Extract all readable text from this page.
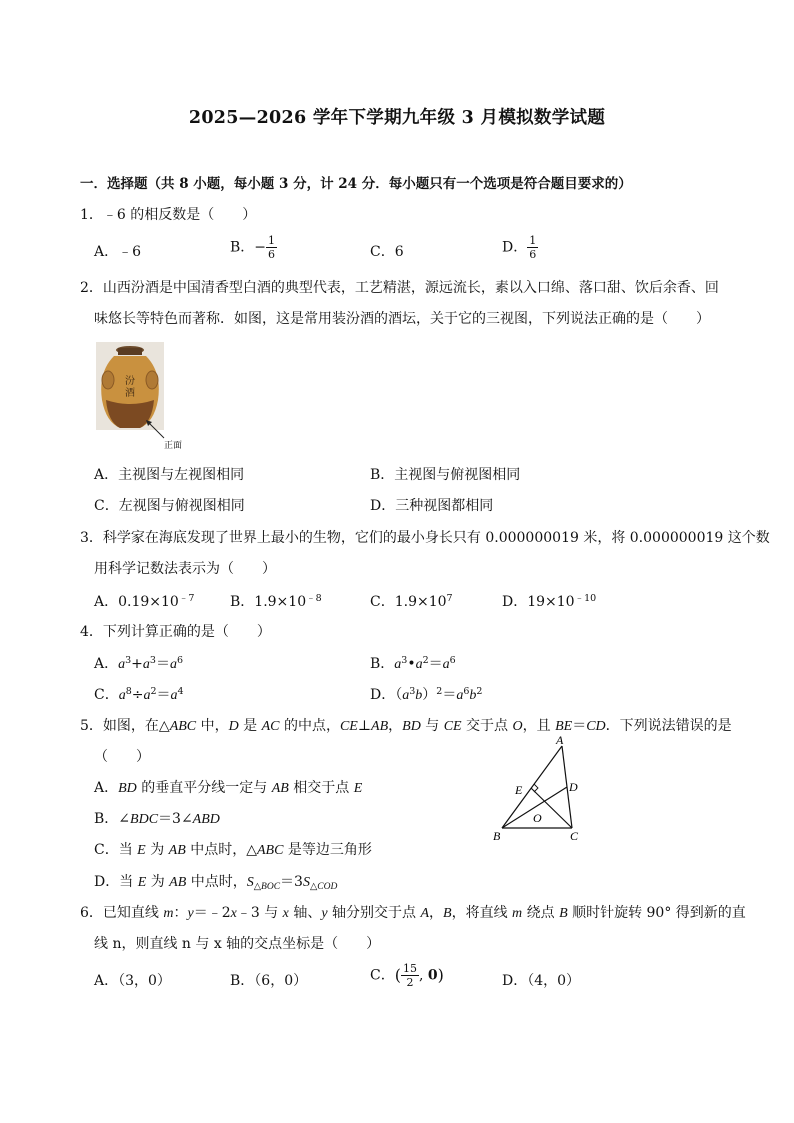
2025—2026 学年下学期九年级 3 月模拟数学试题
一．选择题（共 8 小题，每小题 3 分，计 24 分．每小题只有一个选项是符合题目要求的）
1．﹣6 的相反数是（　　）
A．﹣6	B．− $\frac{1}{6}$	C．6	D． $\frac{1}{6}$
2．山西汾酒是中国清香型白酒的典型代表，工艺精湛，源远流长，素以入口绵、落口甜、饮后余香、回
味悠长等特色而著称．如图，这是常用装汾酒的酒坛，关于它的三视图，下列说法正确的是（　　）
汾
酒
正面
A．主视图与左视图相同	B．主视图与俯视图相同
C．左视图与俯视图相同	D．三种视图都相同
3．科学家在海底发现了世界上最小的生物，它们的最小身长只有 0.000000019 米，将 0.000000019 这个数
用科学记数法表示为（　　）
A．$0.19\times 10^{﹣7}$	B．$1.9\times 10^{﹣8}$	C．$1.9\times 10^7$	D．$19\times 10^{﹣10}$
4．下列计算正确的是（　　）
A．$a^3+a^3=a^6$	B．$a^3•a^2=a^6$
C．$a^8\div a^2=a^4$	D．$(a^3b)^2=a^6b^2$
5．如图，在△ABC 中，D 是 AC 的中点，CE⊥AB，BD 与 CE 交于点 O，且 BE＝CD．下列说法错误的是
（　　）
A．BD 的垂直平分线一定与 AB 相交于点 E
B．∠BDC＝3∠ABD
C．当 E 为 AB 中点时，△ABC 是等边三角形
D．当 E 为 AB 中点时，$S_{\triangle BOC}=3S_{\triangle COD}$
A
B	C
D
E
O
6．已知直线 m：y＝﹣2x﹣3 与 x 轴、y 轴分别交于点 A，B，将直线 m 绕点 B 顺时针旋转 90° 得到新的直
线 n，则直线 n 与 x 轴的交点坐标是（　　）
A．（3，0）	B．（6，0）	C．( $\frac{15}{2}$ , 0)	D．（4，0）
